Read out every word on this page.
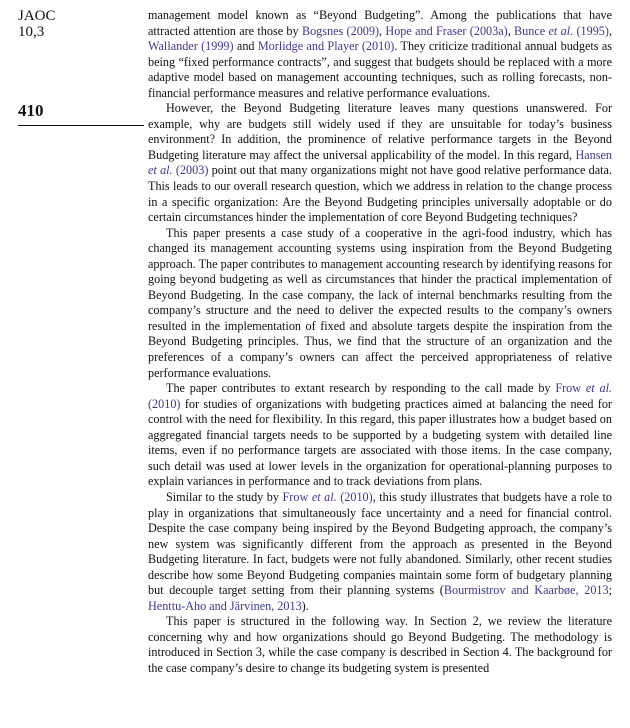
JAOC
10,3
410

management model known as “Beyond Budgeting”. Among the publications that have attracted attention are those by Bogsnes (2009), Hope and Fraser (2003a), Bunce et al. (1995), Wallander (1999) and Morlidge and Player (2010). They criticize traditional annual budgets as being “fixed performance contracts”, and suggest that budgets should be replaced with a more adaptive model based on management accounting techniques, such as rolling forecasts, non-financial performance measures and relative performance evaluations.

However, the Beyond Budgeting literature leaves many questions unanswered. For example, why are budgets still widely used if they are unsuitable for today’s business environment? In addition, the prominence of relative performance targets in the Beyond Budgeting literature may affect the universal applicability of the model. In this regard, Hansen et al. (2003) point out that many organizations might not have good relative performance data. This leads to our overall research question, which we address in relation to the change process in a specific organization: Are the Beyond Budgeting principles universally adoptable or do certain circumstances hinder the implementation of core Beyond Budgeting techniques?

This paper presents a case study of a cooperative in the agri-food industry, which has changed its management accounting systems using inspiration from the Beyond Budgeting approach. The paper contributes to management accounting research by identifying reasons for going beyond budgeting as well as circumstances that hinder the practical implementation of Beyond Budgeting. In the case company, the lack of internal benchmarks resulting from the company’s structure and the need to deliver the expected results to the company’s owners resulted in the implementation of fixed and absolute targets despite the inspiration from the Beyond Budgeting principles. Thus, we find that the structure of an organization and the preferences of a company’s owners can affect the perceived appropriateness of relative performance evaluations.

The paper contributes to extant research by responding to the call made by Frow et al. (2010) for studies of organizations with budgeting practices aimed at balancing the need for control with the need for flexibility. In this regard, this paper illustrates how a budget based on aggregated financial targets needs to be supported by a budgeting system with detailed line items, even if no performance targets are associated with those items. In the case company, such detail was used at lower levels in the organization for operational-planning purposes to explain variances in performance and to track deviations from plans.

Similar to the study by Frow et al. (2010), this study illustrates that budgets have a role to play in organizations that simultaneously face uncertainty and a need for financial control. Despite the case company being inspired by the Beyond Budgeting approach, the company’s new system was significantly different from the approach as presented in the Beyond Budgeting literature. In fact, budgets were not fully abandoned. Similarly, other recent studies describe how some Beyond Budgeting companies maintain some form of budgetary planning but decouple target setting from their planning systems (Bourmistrov and Kaarbøe, 2013; Henttu-Aho and Järvinen, 2013).

This paper is structured in the following way. In Section 2, we review the literature concerning why and how organizations should go Beyond Budgeting. The methodology is introduced in Section 3, while the case company is described in Section 4. The background for the case company’s desire to change its budgeting system is presented
